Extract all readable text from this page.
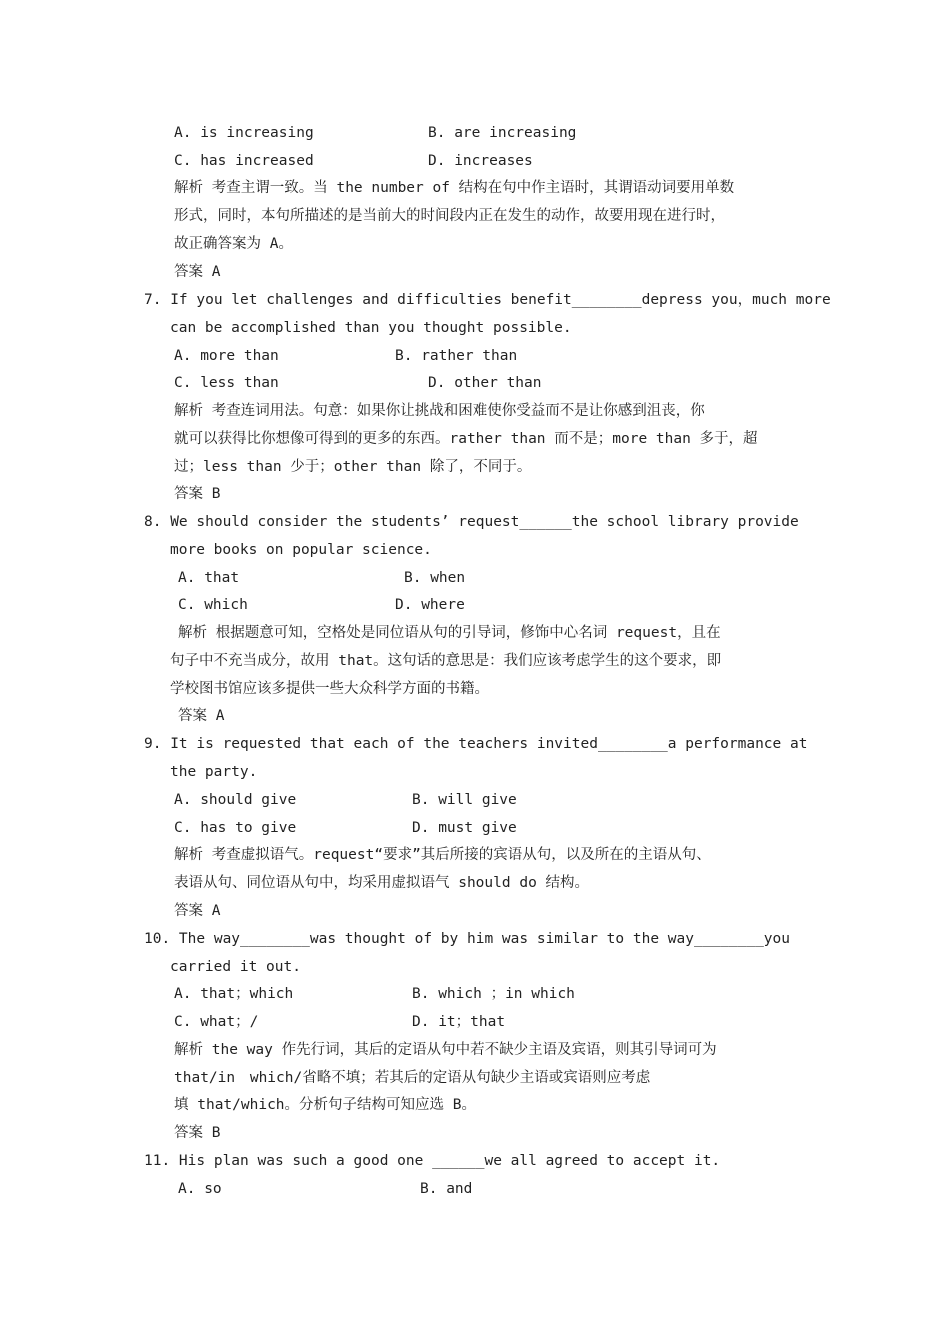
A. is increasing	B. are increasing
C. has increased	D. increases
解析 考查主谓一致。当 the number of 结构在句中作主语时，其谓语动词要用单数
形式，同时，本句所描述的是当前大的时间段内正在发生的动作，故要用现在进行时，
故正确答案为 A。
答案 A
7. If you let challenges and difficulties benefit________depress you，much more
can be accomplished than you thought possible.
A. more than	B. rather than
C. less than	D. other than
解析 考查连词用法。句意：如果你让挑战和困难使你受益而不是让你感到沮丧，你
就可以获得比你想像可得到的更多的东西。rather than 而不是；more than 多于，超
过；less than 少于；other than 除了，不同于。
答案 B
8. We should consider the students’ request______the school library provide
more books on popular science.
A. that	B. when
C. which	D. where
解析 根据题意可知，空格处是同位语从句的引导词，修饰中心名词 request，且在
句子中不充当成分，故用 that。这句话的意思是：我们应该考虑学生的这个要求，即
学校图书馆应该多提供一些大众科学方面的书籍。
答案 A
9. It is requested that each of the teachers invited________a performance at
the party.
A. should give	B. will give
C. has to give	D. must give
解析 考查虚拟语气。request“要求”其后所接的宾语从句，以及所在的主语从句、
表语从句、同位语从句中，均采用虚拟语气 should do 结构。
答案 A
10. The way________was thought of by him was similar to the way________you
carried it out.
A. that；which	B. which ；in which
C. what；/	D. it；that
解析 the way 作先行词，其后的定语从句中若不缺少主语及宾语，则其引导词可为
that/in which/省略不填；若其后的定语从句缺少主语或宾语则应考虑
填 that/which。分析句子结构可知应选 B。
答案 B
11. His plan was such a good one ______we all agreed to accept it.
A. so	B. and
